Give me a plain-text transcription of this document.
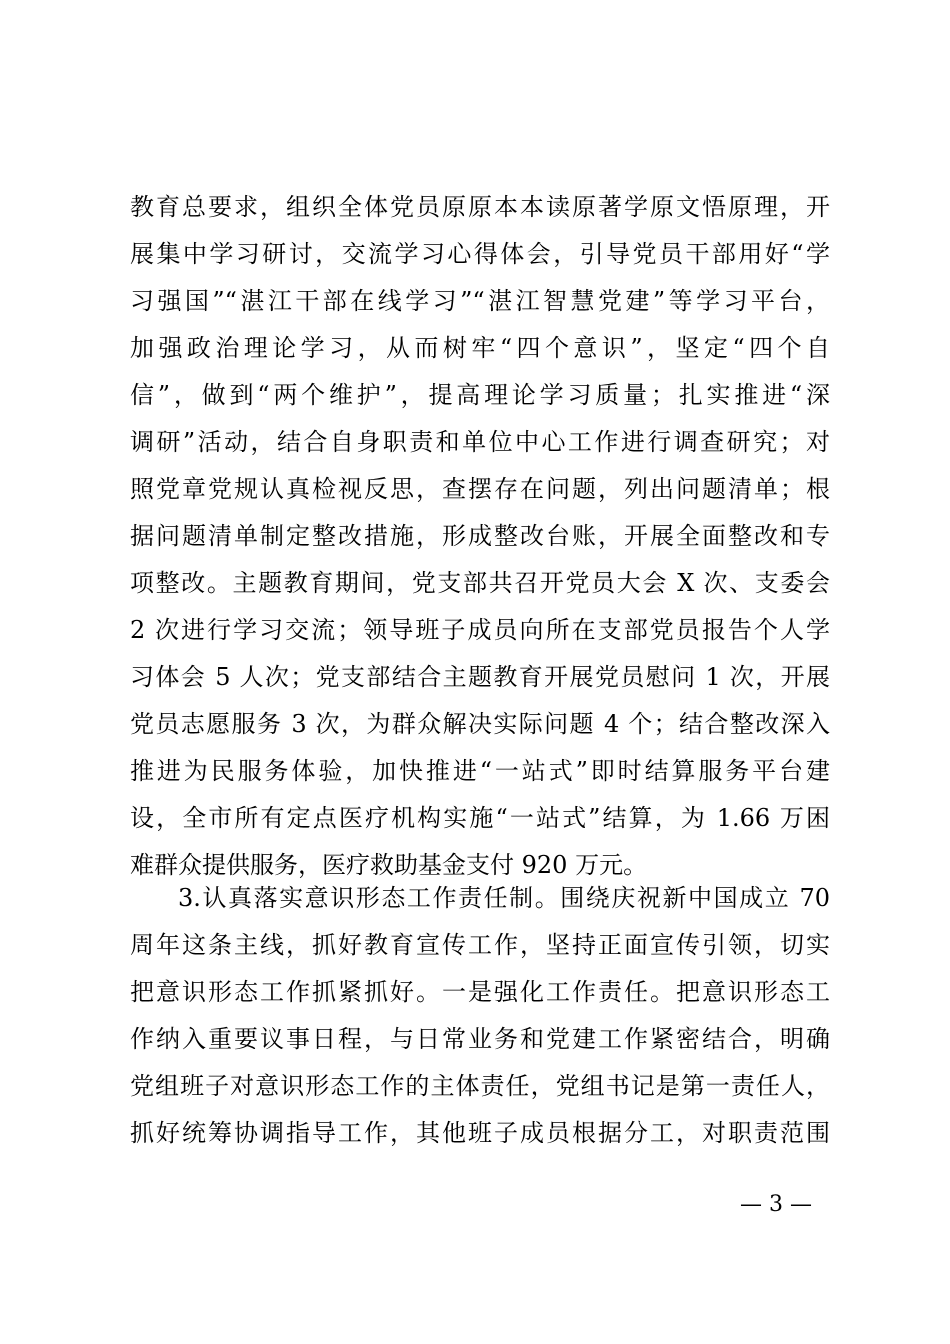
教育总要求，组织全体党员原原本本读原著学原文悟原理，开
展集中学习研讨，交流学习心得体会，引导党员干部用好“学
习强国”“湛江干部在线学习”“湛江智慧党建”等学习平台，
加强政治理论学习，从而树牢“四个意识”，坚定“四个自
信”，做到“两个维护”，提高理论学习质量；扎实推进“深
调研”活动，结合自身职责和单位中心工作进行调查研究；对
照党章党规认真检视反思，查摆存在问题，列出问题清单；根
据问题清单制定整改措施，形成整改台账，开展全面整改和专
项整改。主题教育期间，党支部共召开党员大会 X 次、支委会
2 次进行学习交流；领导班子成员向所在支部党员报告个人学
习体会 5 人次；党支部结合主题教育开展党员慰问 1 次，开展
党员志愿服务 3 次，为群众解决实际问题 4 个；结合整改深入
推进为民服务体验，加快推进“一站式”即时结算服务平台建
设，全市所有定点医疗机构实施“一站式”结算，为 1.66 万困
难群众提供服务，医疗救助基金支付 920 万元。
3.认真落实意识形态工作责任制。围绕庆祝新中国成立 70
周年这条主线，抓好教育宣传工作，坚持正面宣传引领，切实
把意识形态工作抓紧抓好。一是强化工作责任。把意识形态工
作纳入重要议事日程，与日常业务和党建工作紧密结合，明确
党组班子对意识形态工作的主体责任，党组书记是第一责任人，
抓好统筹协调指导工作，其他班子成员根据分工，对职责范围
— 3 —
